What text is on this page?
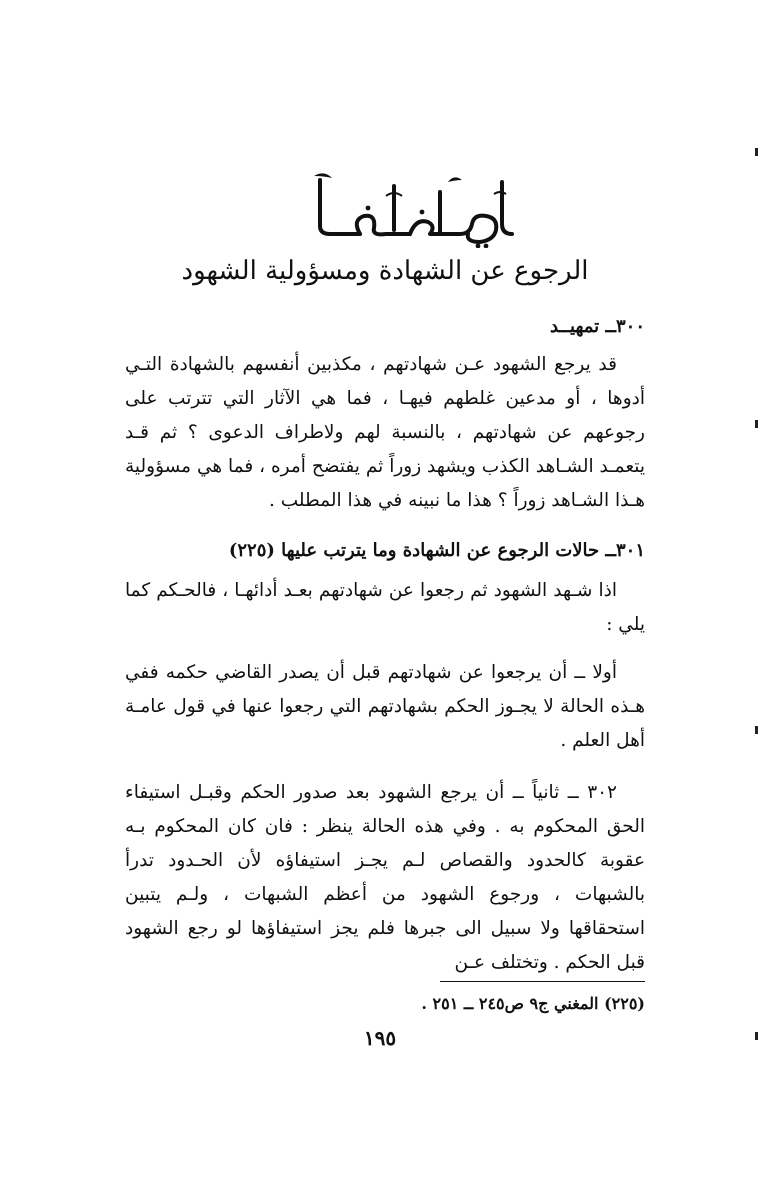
الرجوع عن الشهادة ومسؤولية الشهود
٣٠٠ــ تمهيــد
قد يرجع الشهود عـن شهادتهم ، مكذبين أنفسهم بالشهادة التـي أدوها ، أو مدعين غلطهم فيهـا ، فما هي الآثار التي تترتب على رجوعهم عن شهادتهم ، بالنسبة لهم ولاطراف الدعوى ؟ ثم قـد يتعمـد الشـاهد الكذب ويشهد زوراً ثم يفتضح أمره ، فما هي مسؤولية هـذا الشـاهد زوراً ؟ هذا ما نبينه في هذا المطلب .
٣٠١ــ حالات الرجوع عن الشهادة وما يترتب عليها (٢٢٥)
اذا شـهد الشهود ثم رجعوا عن شهادتهم بعـد أدائهـا ، فالحـكم كما يلي :
أولا ــ أن يرجعوا عن شهادتهم قبل أن يصدر القاضي حكمه ففي هـذه الحالة لا يجـوز الحكم بشهادتهم التي رجعوا عنها في قول عامـة أهل العلم .
٣٠٢ ــ ثانياً ــ أن يرجع الشهود بعد صدور الحكم وقبـل استيفاء الحق المحكوم به . وفي هذه الحالة ينظر : فان كان المحكوم بـه عقوبة كالحدود والقصاص لـم يجـز استيفاؤه لأن الحـدود تدرأ بالشبهات ، ورجوع الشهود من أعظم الشبهات ، ولـم يتبين استحقاقها ولا سبيل الى جبرها فلم يجز استيفاؤها لو رجع الشهود قبل الحكم . وتختلف عـن
(٢٢٥) المغني ج٩ ص٢٤٥ ــ ٢٥١ .
١٩٥
